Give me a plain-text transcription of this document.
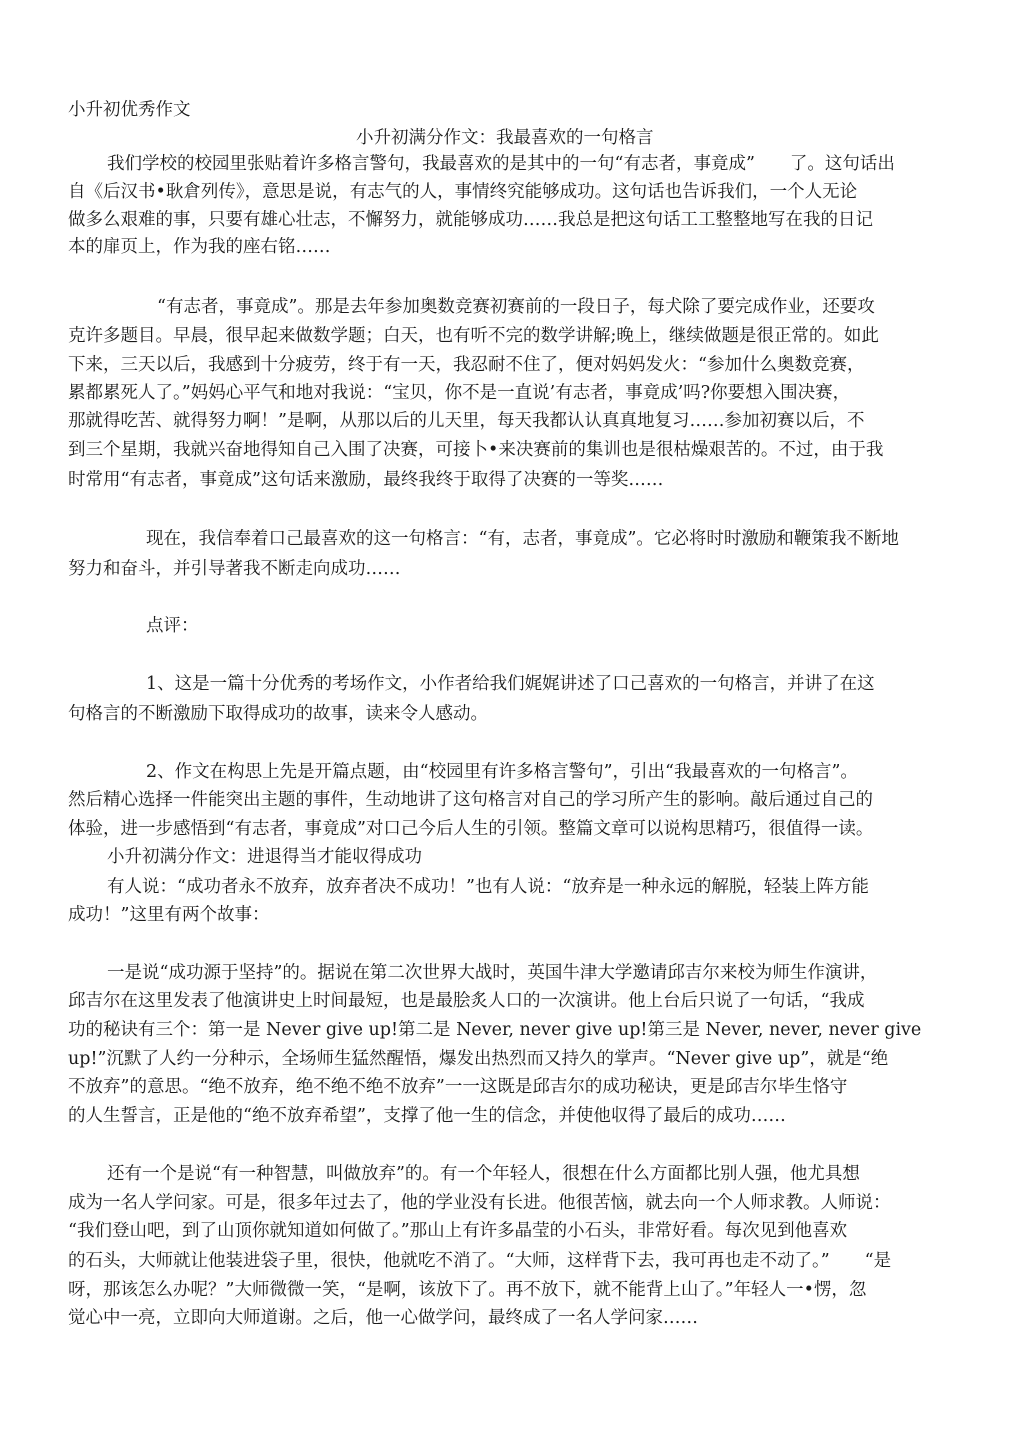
小升初优秀作文
小升初满分作文：我最喜欢的一句格言
我们学校的校园里张贴着许多格言警句，我最喜欢的是其中的一句“有志者，事竟成”　　了。这句话出
自《后汉书•耿倉列传》，意思是说，有志气的人，事情终究能够成功。这句话也告诉我们，一个人无论
做多么艰难的事，只要有雄心壮志，不懈努力，就能够成功……我总是把这句话工工整整地写在我的日记
本的扉页上，作为我的座右铭……
“有志者，事竟成”。那是去年参加奥数竞赛初赛前的一段日子，每犬除了要完成作业，还要攻
克许多题目。早晨，很早起来做数学题；白天，也有听不完的数学讲解;晚上，继续做题是很正常的。如此
下来，三天以后，我感到十分疲劳，终于有一天，我忍耐不住了，便对妈妈发火：“参加什么奥数竞赛，
累都累死人了。”妈妈心平气和地对我说：“宝贝，你不是一直说’有志者，事竟成’吗?你要想入围决赛，
那就得吃苦、就得努力啊！”是啊，从那以后的儿天里，每天我都认认真真地复习……参加初赛以后，不
到三个星期，我就兴奋地得知自己入围了决赛，可接卜•来决赛前的集训也是很枯燥艰苦的。不过，由于我
时常用“有志者，事竟成”这句话来激励，最终我终于取得了决赛的一等奖……
现在，我信奉着口己最喜欢的这一句格言：“有，志者，事竟成”。它必将时时激励和鞭策我不断地
努力和奋斗，并引导著我不断走向成功……
点评：
1、这是一篇十分优秀的考场作文，小作者给我们娓娓讲述了口己喜欢的一句格言，并讲了在这
句格言的不断激励下取得成功的故事，读来令人感动。
2、作文在构思上先是开篇点题，由“校园里有许多格言警句”，引出“我最喜欢的一句格言”。
然后精心选择一件能突出主题的事件，生动地讲了这句格言对自己的学习所产生的影响。敲后通过自己的
体验，进一步感悟到“有志者，事竟成”对口己今后人生的引领。整篇文章可以说构思精巧，很值得一读。
小升初满分作文：进退得当才能収得成功
有人说：“成功者永不放弃，放弃者决不成功！”也有人说：“放弃是一种永远的解脱，轻装上阵方能
成功！”这里有两个故事：
一是说“成功源于坚持”的。据说在第二次世界大战时，英国牛津大学邀请邱吉尔来校为师生作演讲，
邱吉尔在这里发表了他演讲史上时间最短，也是最脍炙人口的一次演讲。他上台后只说了一句话，“我成
功的秘诀有三个：第一是 Never give up!第二是 Never, never give up!第三是 Never, never, never give
up!”沉默了人约一分种示，全场师生猛然醒悟，爆发出热烈而又持久的掌声。“Never give up”，就是“绝
不放弃”的意思。“绝不放弃，绝不绝不绝不放弃”一一这既是邱吉尔的成功秘诀，更是邱吉尔毕生恪守
的人生誓言，正是他的“绝不放弃希望”，支撑了他一生的信念，并使他収得了最后的成功……
还有一个是说“有一种智慧，叫做放弃”的。有一个年轻人，很想在什么方面都比别人强，他尤具想
成为一名人学问家。可是，很多年过去了，他的学业没有长进。他很苦恼，就去向一个人师求教。人师说：
“我们登山吧，到了山顶你就知道如何做了。”那山上有许多晶莹的小石头，非常好看。每次见到他喜欢
的石头，大师就让他装进袋子里，很快，他就吃不消了。“大师，这样背下去，我可再也走不动了。”　　“是
呀，那该怎么办呢？”大师微微一笑，“是啊，该放下了。再不放下，就不能背上山了。”年轻人一•愣，忽
觉心中一亮，立即向大师道谢。之后，他一心做学问，最终成了一名人学问家……
